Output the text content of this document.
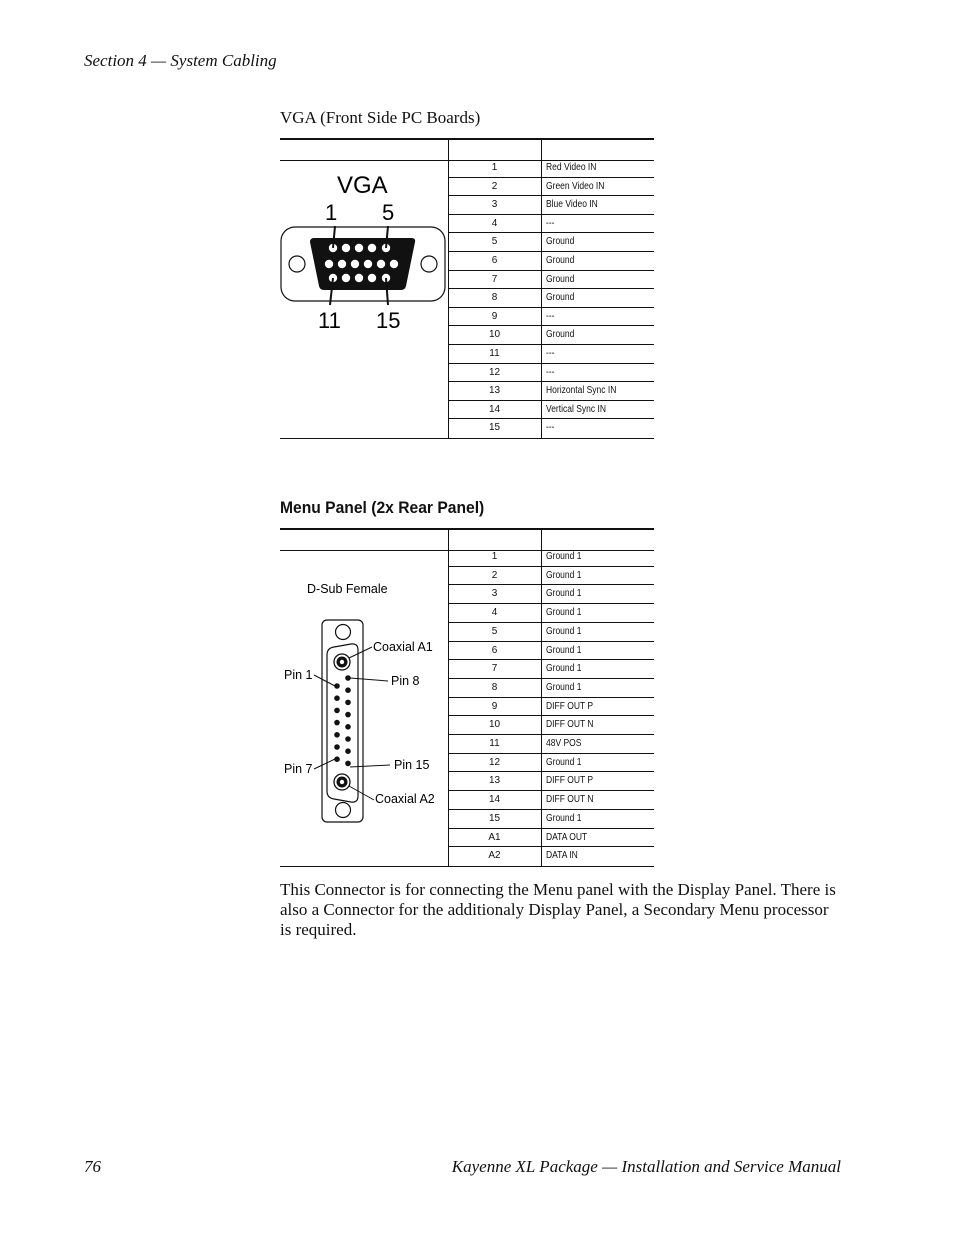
Section 4 — System Cabling
VGA (Front Side PC Boards)
VGA
1 5
11 15
1	Red Video IN
2	Green Video IN
3	Blue Video IN
4	---
5	Ground
6	Ground
7	Ground
8	Ground
9	---
10	Ground
11	---
12	---
13	Horizontal Sync IN
14	Vertical Sync IN
15	---
Menu Panel (2x Rear Panel)
D-Sub Female
Coaxial A1
Pin 1	Pin 8
Pin 15
Pin 7
Coaxial A2
1	Ground 1
2	Ground 1
3	Ground 1
4	Ground 1
5	Ground 1
6	Ground 1
7	Ground 1
8	Ground 1
9	DIFF OUT P
10	DIFF OUT N
11	48V POS
12	Ground 1
13	DIFF OUT P
14	DIFF OUT N
15	Ground 1
A1	DATA OUT
A2	DATA IN
This Connector is for connecting the Menu panel with the Display Panel. There is also a Connector for the additionaly Display Panel, a Secondary Menu processor is required.
76	Kayenne XL Package — Installation and Service Manual
